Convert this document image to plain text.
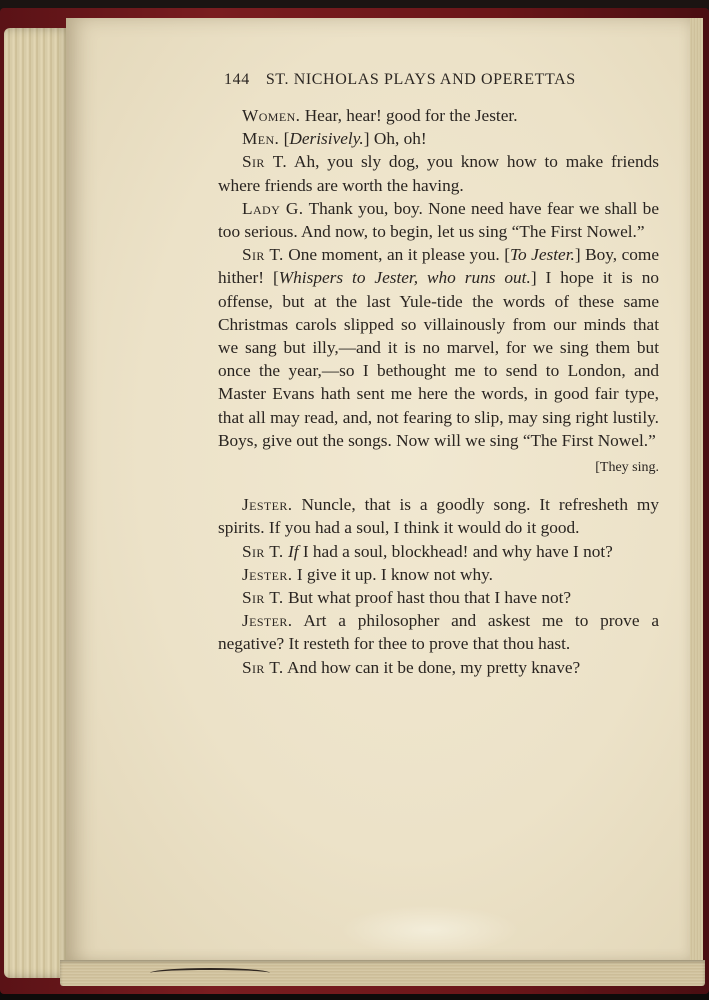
144 ST. NICHOLAS PLAYS AND OPERETTAS

Women. Hear, hear! good for the Jester.

Men. [Derisively.] Oh, oh!

Sir T. Ah, you sly dog, you know how to make friends where friends are worth the having.

Lady G. Thank you, boy. None need have fear we shall be too serious. And now, to begin, let us sing “The First Nowel.”

Sir T. One moment, an it please you. [To Jester.] Boy, come hither! [Whispers to Jester, who runs out.] I hope it is no offense, but at the last Yule-tide the words of these same Christmas carols slipped so villainously from our minds that we sang but illy,—and it is no marvel, for we sing them but once the year,—so I bethought me to send to London, and Master Evans hath sent me here the words, in good fair type, that all may read, and, not fearing to slip, may sing right lustily. Boys, give out the songs. Now will we sing “The First Nowel.”

[They sing.

Jester. Nuncle, that is a goodly song. It refresheth my spirits. If you had a soul, I think it would do it good.

Sir T. If I had a soul, blockhead! and why have I not?

Jester. I give it up. I know not why.

Sir T. But what proof hast thou that I have not?

Jester. Art a philosopher and askest me to prove a negative? It resteth for thee to prove that thou hast.

Sir T. And how can it be done, my pretty knave?
